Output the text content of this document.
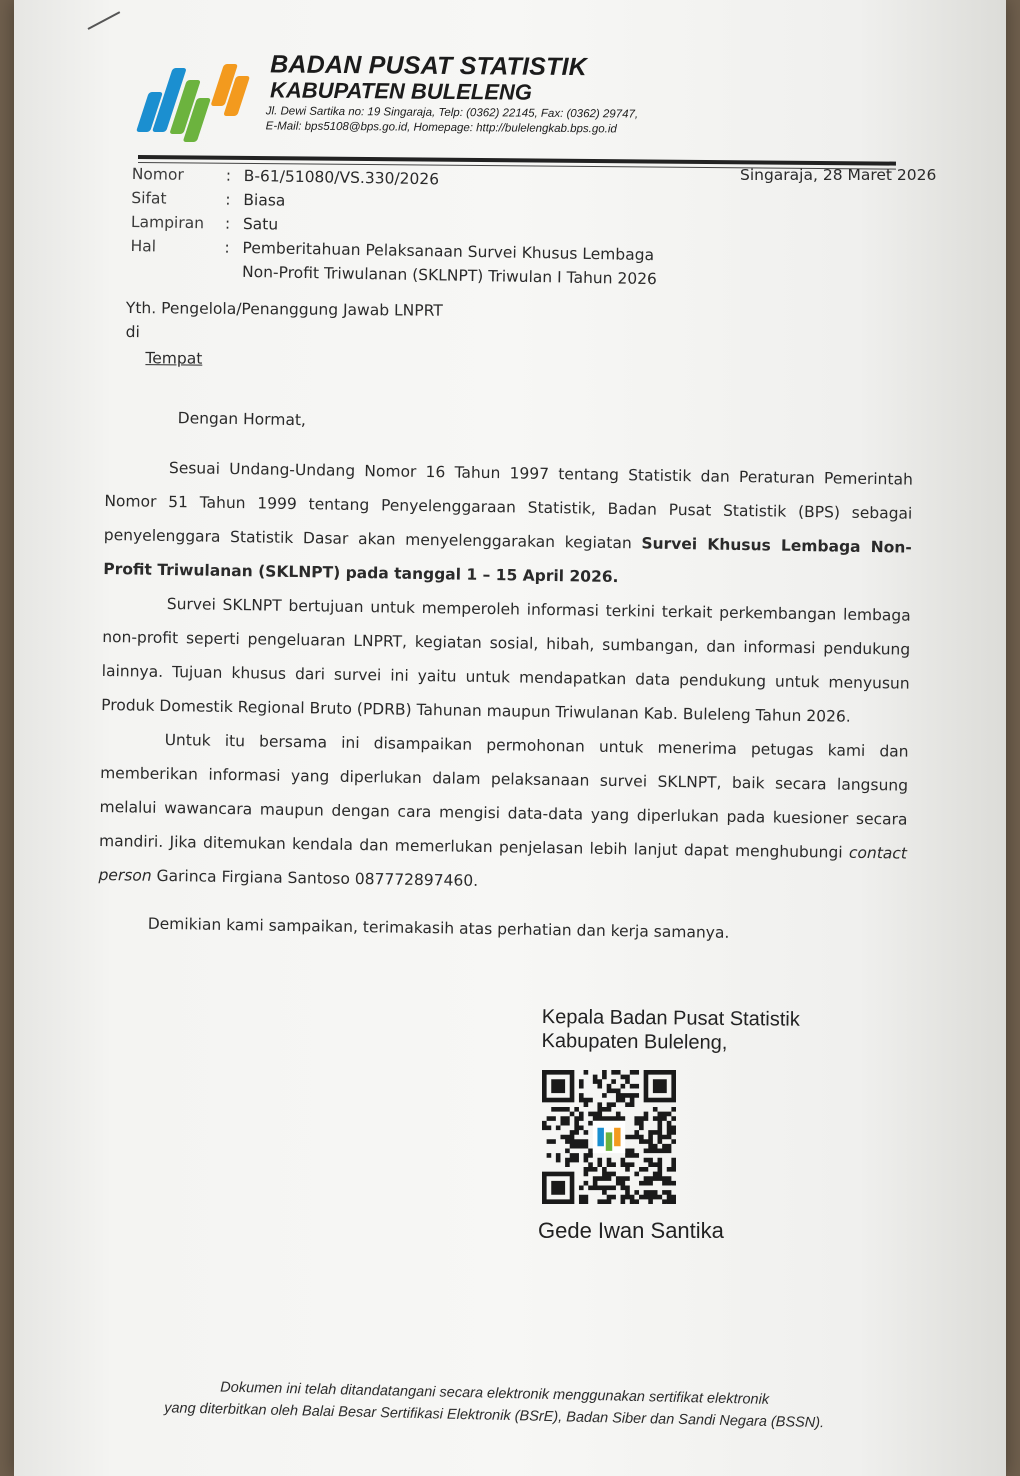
BADAN PUSAT STATISTIK
KABUPATEN BULELENG
Jl. Dewi Sartika no: 19 Singaraja, Telp: (0362) 22145, Fax: (0362) 29747,
E-Mail: bps5108@bps.go.id, Homepage: http://bulelengkab.bps.go.id
Singaraja, 28 Maret 2026
Nomor	: B-61/51080/VS.330/2026
Sifat	: Biasa
Lampiran	: Satu
Hal	: Pemberitahuan Pelaksanaan Survei Khusus Lembaga Non-Profit Triwulanan (SKLNPT) Triwulan I Tahun 2026
Yth. Pengelola/Penanggung Jawab LNPRT
di
Tempat

Dengan Hormat,

Sesuai Undang-Undang Nomor 16 Tahun 1997 tentang Statistik dan Peraturan Pemerintah Nomor 51 Tahun 1999 tentang Penyelenggaraan Statistik, Badan Pusat Statistik (BPS) sebagai penyelenggara Statistik Dasar akan menyelenggarakan kegiatan Survei Khusus Lembaga Non-Profit Triwulanan (SKLNPT) pada tanggal 1 – 15 April 2026.

Survei SKLNPT bertujuan untuk memperoleh informasi terkini terkait perkembangan lembaga non-profit seperti pengeluaran LNPRT, kegiatan sosial, hibah, sumbangan, dan informasi pendukung lainnya. Tujuan khusus dari survei ini yaitu untuk mendapatkan data pendukung untuk menyusun Produk Domestik Regional Bruto (PDRB) Tahunan maupun Triwulanan Kab. Buleleng Tahun 2026.

Untuk itu bersama ini disampaikan permohonan untuk menerima petugas kami dan memberikan informasi yang diperlukan dalam pelaksanaan survei SKLNPT, baik secara langsung melalui wawancara maupun dengan cara mengisi data-data yang diperlukan pada kuesioner secara mandiri. Jika ditemukan kendala dan memerlukan penjelasan lebih lanjut dapat menghubungi contact person Garinca Firgiana Santoso 087772897460.

Demikian kami sampaikan, terimakasih atas perhatian dan kerja samanya.

Kepala Badan Pusat Statistik
Kabupaten Buleleng,
Gede Iwan Santika
Dokumen ini telah ditandatangani secara elektronik menggunakan sertifikat elektronik
yang diterbitkan oleh Balai Besar Sertifikasi Elektronik (BSrE), Badan Siber dan Sandi Negara (BSSN).
